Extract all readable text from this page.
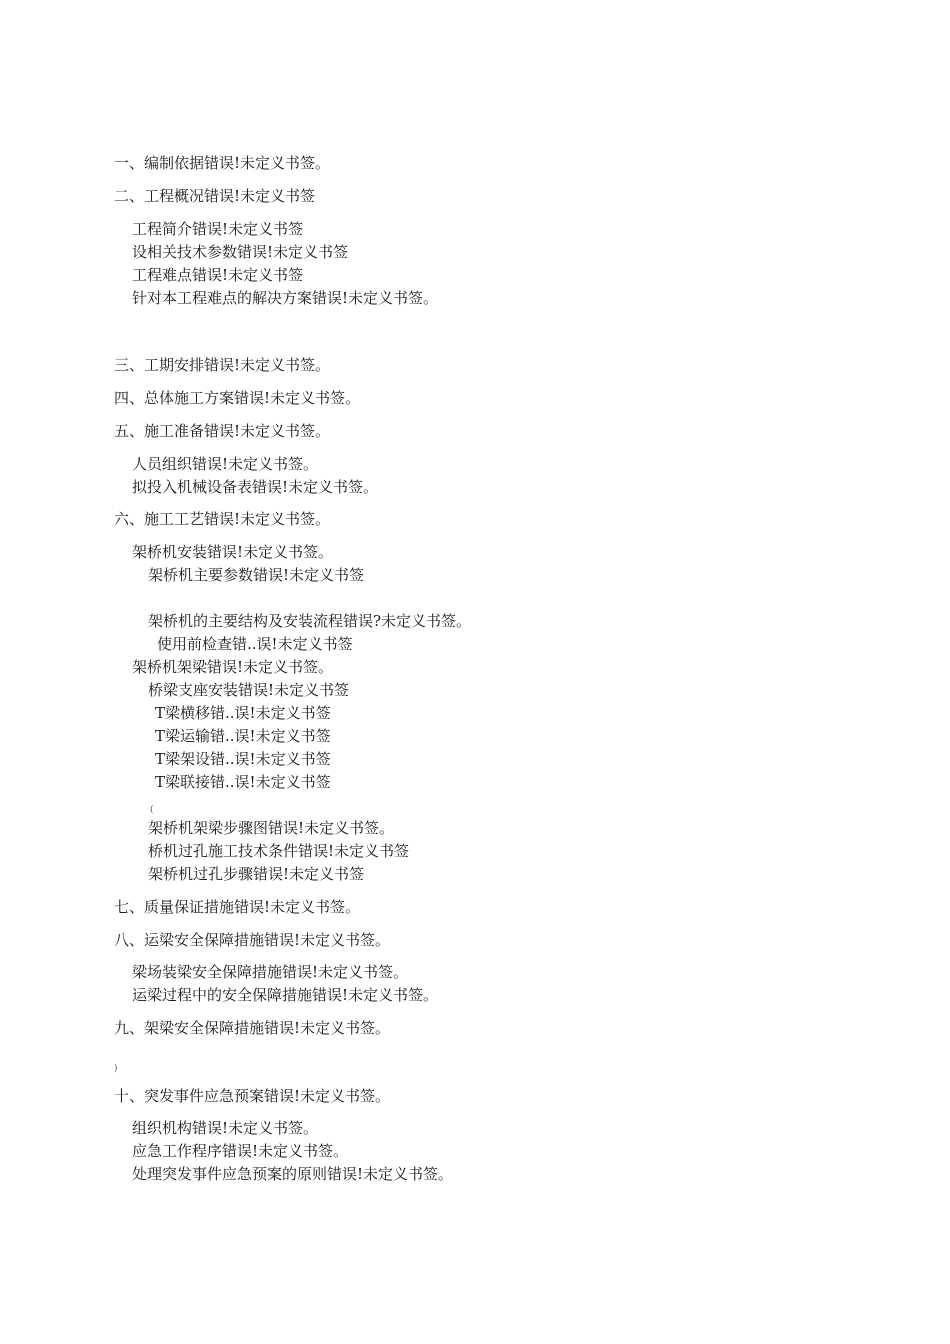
一、编制依据错误!未定义书签。
二、工程概况错误!未定义书签
工程简介错误!未定义书签
设相关技术参数错误!未定义书签
工程难点错误!未定义书签
针对本工程难点的解决方案错误!未定义书签。
三、工期安排错误!未定义书签。
四、总体施工方案错误!未定义书签。
五、施工准备错误!未定义书签。
人员组织错误!未定义书签。
拟投入机械设备表错误!未定义书签。
六、施工工艺错误!未定义书签。
架桥机安装错误!未定义书签。
架桥机主要参数错误!未定义书签
架桥机的主要结构及安装流程错误?未定义书签。
使用前检查错..误!未定义书签
架桥机架梁错误!未定义书签。
桥梁支座安装错误!未定义书签
T梁横移错..误!未定义书签
T梁运输错..误!未定义书签
T梁架设错..误!未定义书签
T梁联接错..误!未定义书签
(
架桥机架梁步骤图错误!未定义书签。
桥机过孔施工技术条件错误!未定义书签
架桥机过孔步骤错误!未定义书签
七、质量保证措施错误!未定义书签。
八、运梁安全保障措施错误!未定义书签。
梁场装梁安全保障措施错误!未定义书签。
运梁过程中的安全保障措施错误!未定义书签。
九、架梁安全保障措施错误!未定义书签。
)
十、突发事件应急预案错误!未定义书签。
组织机构错误!未定义书签。
应急工作程序错误!未定义书签。
处理突发事件应急预案的原则错误!未定义书签。
